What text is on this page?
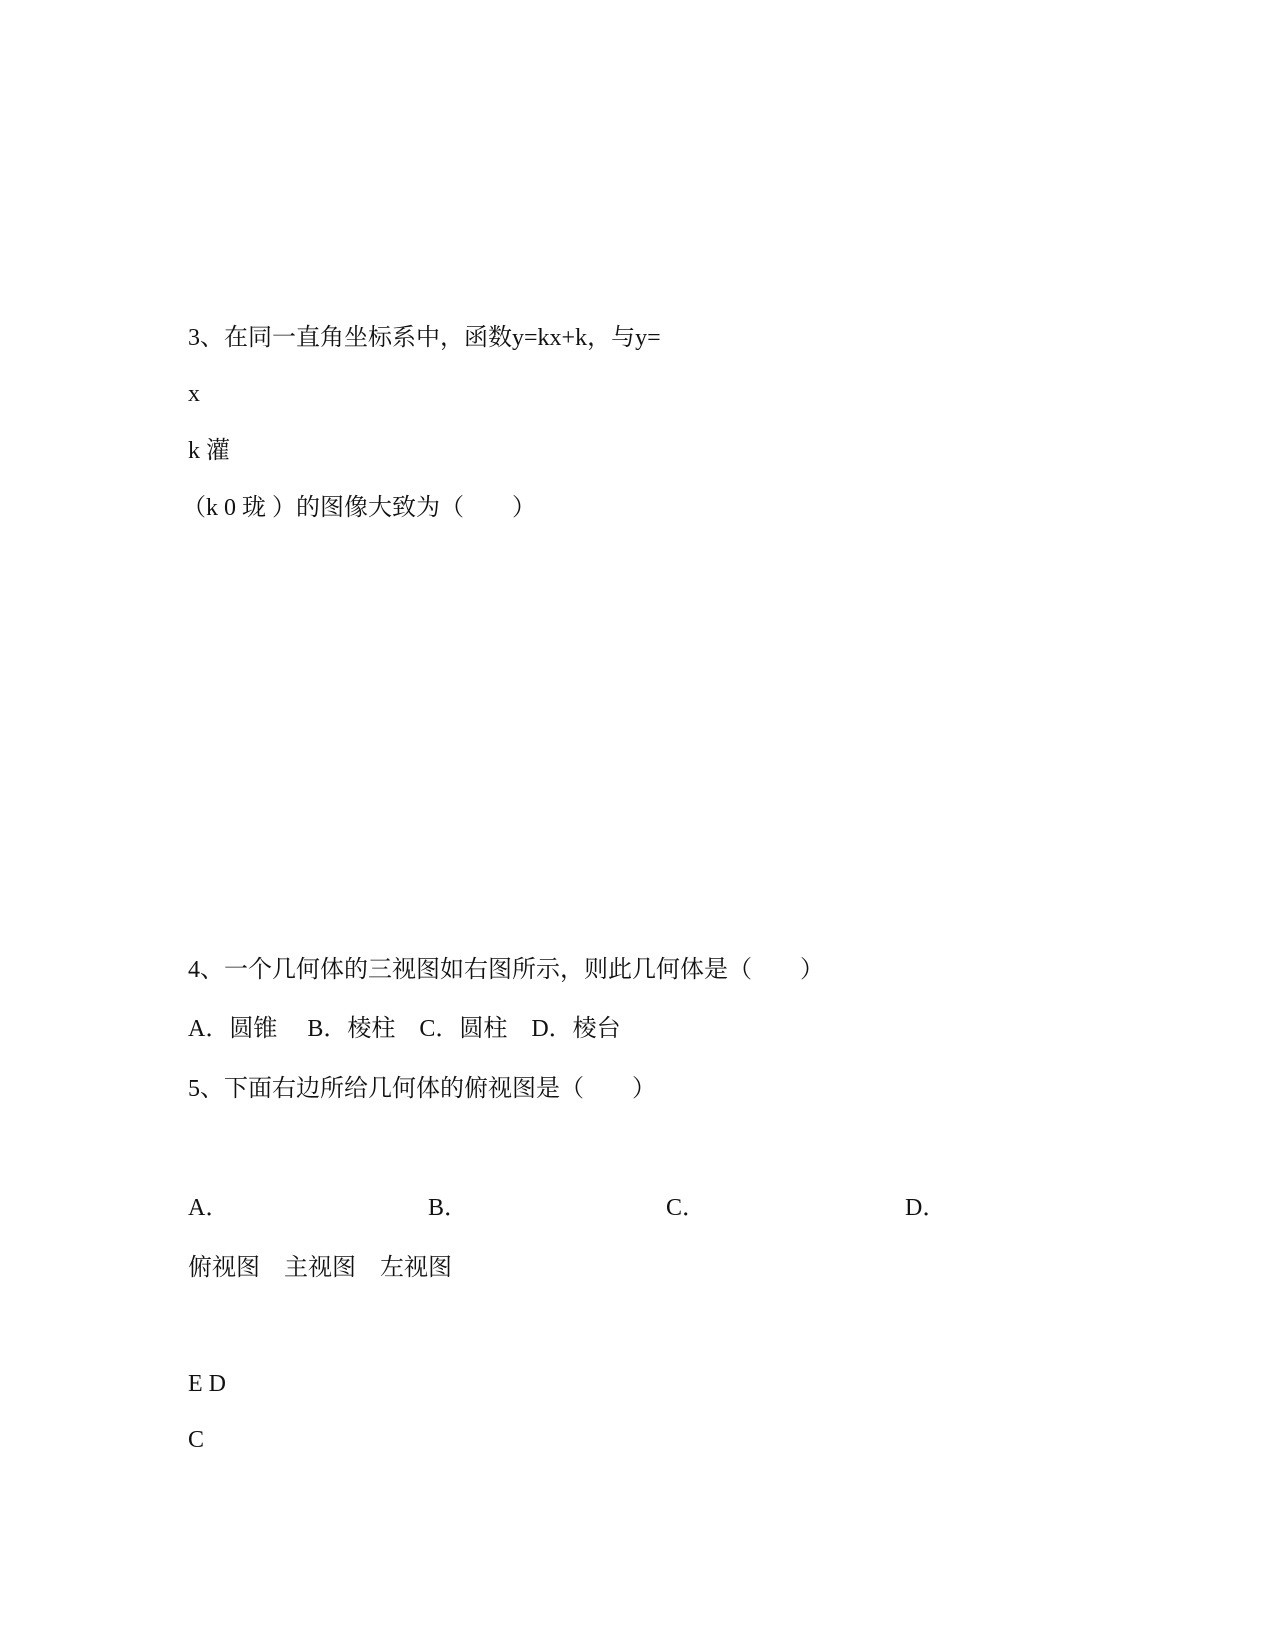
3、在同一直角坐标系中，函数y=kx+k，与y=
x
k 灌
（k 0 珑 ）的图像大致为（　　）
4、一个几何体的三视图如右图所示，则此几何体是（　　）
A．圆锥　 B．棱柱　C．圆柱　D．棱台
5、下面右边所给几何体的俯视图是（　　）
A．	B．	C．	D．
俯视图　主视图　左视图
E D
C
